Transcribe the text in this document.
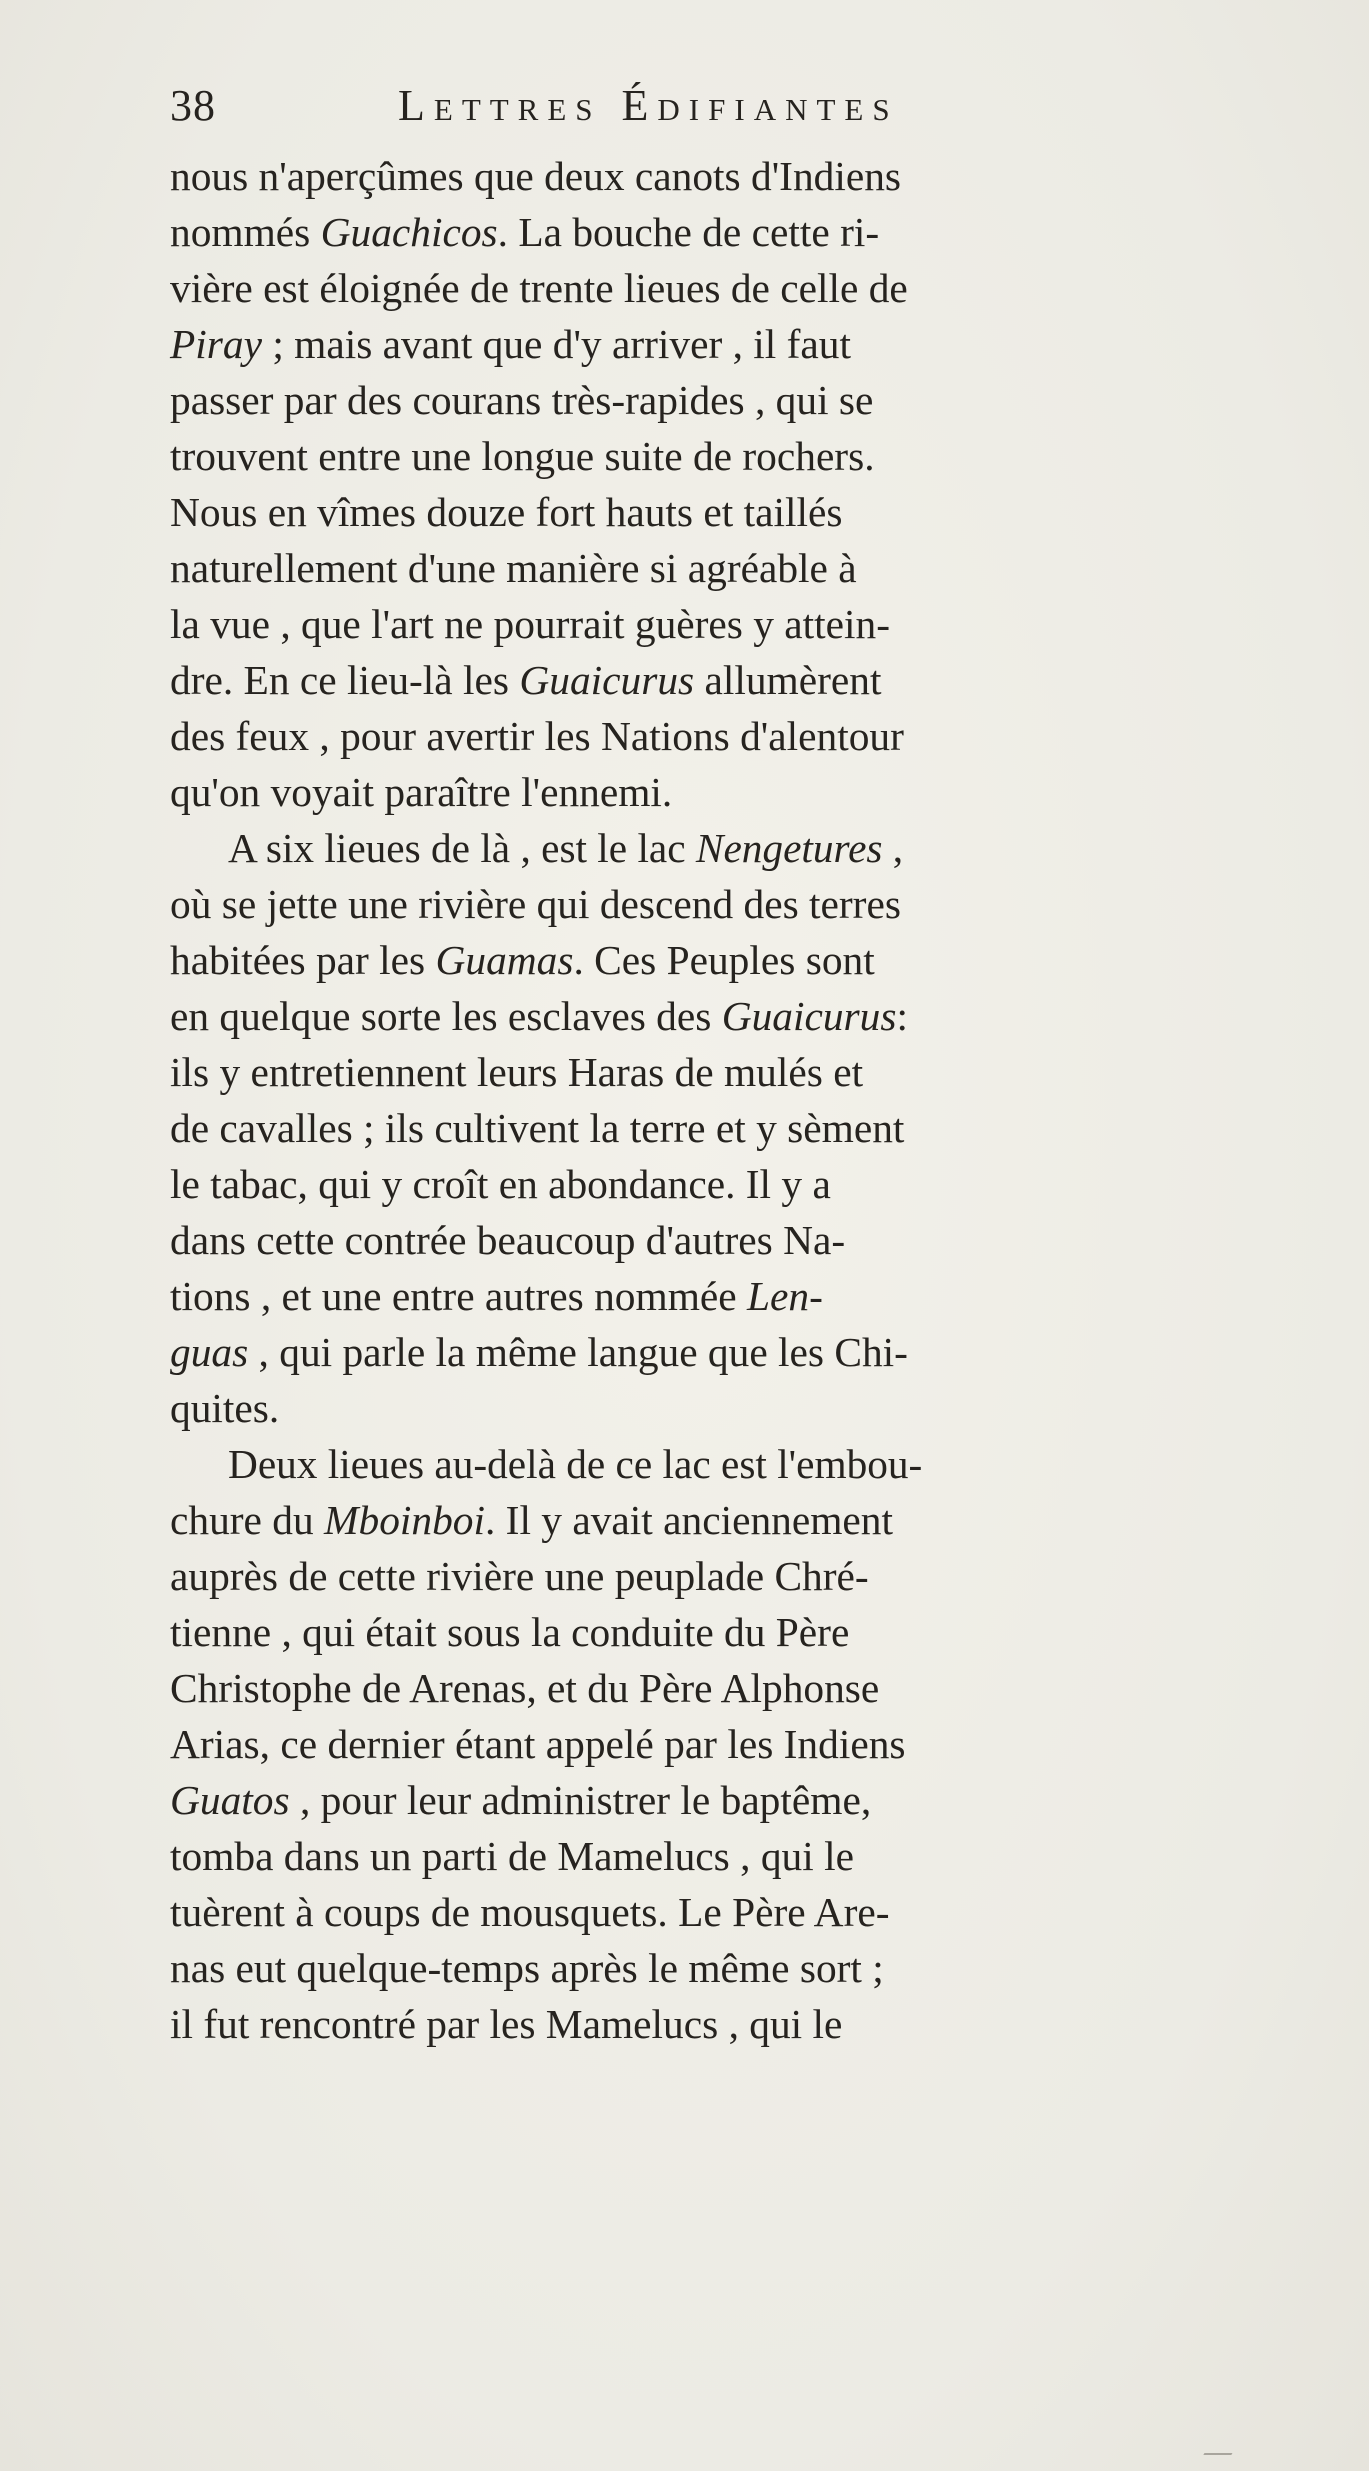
38	Lettres Édifiantes
nous n'aperçûmes que deux canots d'Indiens
nommés Guachicos. La bouche de cette ri-
vière est éloignée de trente lieues de celle de
Piray ; mais avant que d'y arriver , il faut
passer par des courans très-rapides , qui se
trouvent entre une longue suite de rochers.
Nous en vîmes douze fort hauts et taillés
naturellement d'une manière si agréable à
la vue , que l'art ne pourrait guères y attein-
dre. En ce lieu-là les Guaicurus allumèrent
des feux , pour avertir les Nations d'alentour
qu'on voyait paraître l'ennemi.
A six lieues de là , est le lac Nengetures ,
où se jette une rivière qui descend des terres
habitées par les Guamas. Ces Peuples sont
en quelque sorte les esclaves des Guaicurus:
ils y entretiennent leurs Haras de mulés et
de cavalles ; ils cultivent la terre et y sèment
le tabac, qui y croît en abondance. Il y a
dans cette contrée beaucoup d'autres Na-
tions , et une entre autres nommée Len-
guas , qui parle la même langue que les Chi-
quites.
Deux lieues au-delà de ce lac est l'embou-
chure du Mboinboi. Il y avait anciennement
auprès de cette rivière une peuplade Chré-
tienne , qui était sous la conduite du Père
Christophe de Arenas, et du Père Alphonse
Arias, ce dernier étant appelé par les Indiens
Guatos , pour leur administrer le baptême,
tomba dans un parti de Mamelucs , qui le
tuèrent à coups de mousquets. Le Père Are-
nas eut quelque-temps après le même sort ;
il fut rencontré par les Mamelucs , qui le
